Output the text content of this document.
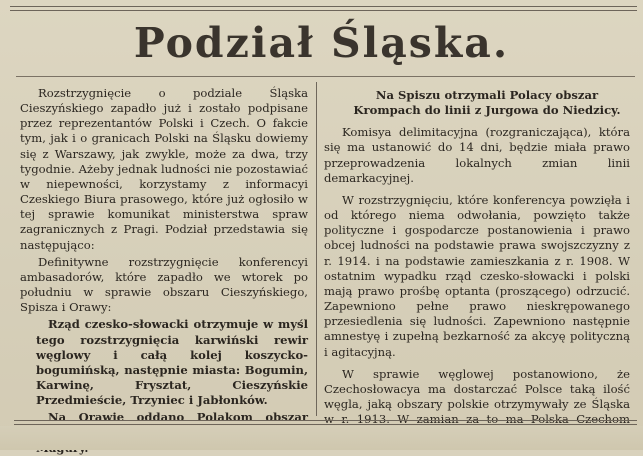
Podział Śląska.

Rozstrzygnięcie o podziale Śląska Cieszyńskiego zapadło już i zostało podpisane przez reprezentantów Polski i Czech. O fakcie tym, jak i o granicach Polski na Śląsku dowiemy się z Warszawy, jak zwykle, może za dwa, trzy tygodnie. Ażeby jednak ludności nie pozostawiać w niepewności, korzystamy z informacyi Czeskiego Biura prasowego, które już ogłosiło w tej sprawie komunikat ministerstwa spraw zagranicznych z Pragi. Podział przedstawia się następująco:

Definitywne rozstrzygnięcie konferencyi ambasadorów, które zapadło we wtorek po południu w sprawie obszaru Cieszyńskiego, Spisza i Orawy:

Rząd czesko-słowacki otrzymuje w myśl tego rozstrzygnięcia karwiński rewir węglowy i całą kolej koszycko-bogumińską, następnie miasta: Bogumin, Karwinę, Frysztat, Cieszyńskie Przedmieście, Trzyniec i Jabłonków.

Na Orawie oddano Polakom obszar

Na Spiszu otrzymali Polacy obszar Krompach do linii z Jurgowa do Niedzicy.

Komisya delimitacyjna (rozgraniczająca), która się ma ustanowić do 14 dni, będzie miała prawo przeprowadzenia lokalnych zmian linii demarkacyjnej.

W rozstrzygnięciu, które konferencya powzięła i od którego niema odwołania, powzięto także polityczne i gospodarcze postanowienia i prawo obcej ludności na podstawie prawa swojszczyzny z r. 1914. i na podstawie zamieszkania z r. 1908. W ostatnim wypadku rząd czesko-słowacki i polski mają prawo prośbę optanta (proszącego) odrzucić. Zapewniono pełne prawo nieskrępowanego przesiedlenia się ludności. Zapewniono następnie amnestyę i zupełną bezkarność za akcyę polityczną i agitacyjną.

W sprawie węglowej postanowiono, że Czechosłowacya ma dostarczać Polsce taką ilość węgla, jaką obszary polskie otrzymywały ze Śląska w r. 1913. W zamian za to ma Polska Czechom
